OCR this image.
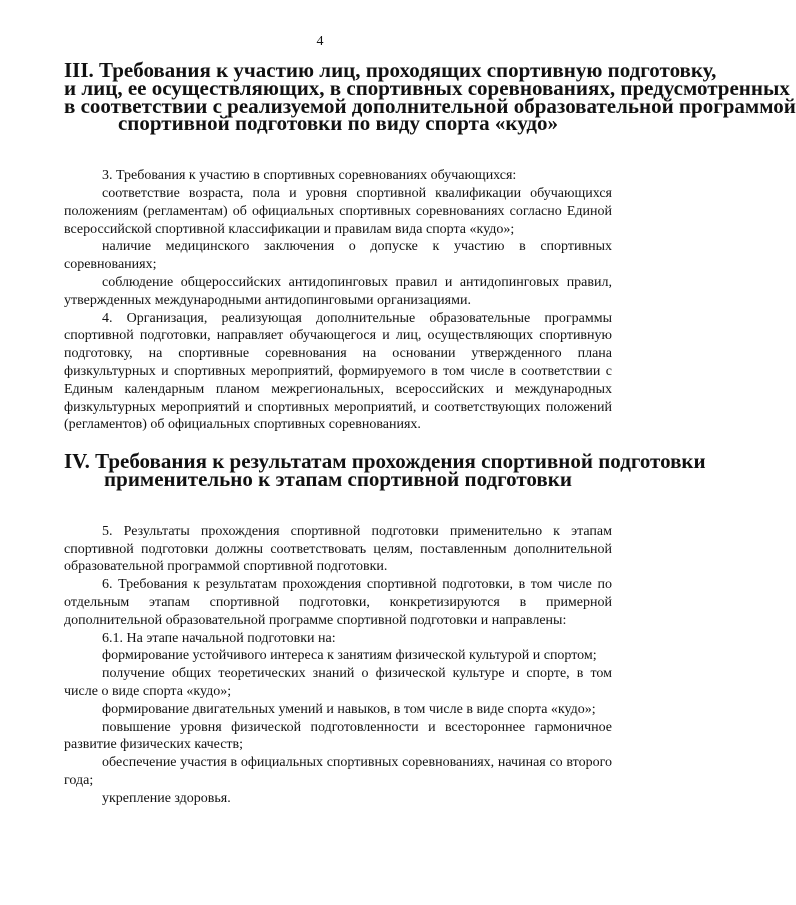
4
III. Требования к участию лиц, проходящих спортивную подготовку,
и лиц, ее осуществляющих, в спортивных соревнованиях, предусмотренных
в соответствии с реализуемой дополнительной образовательной программой
спортивной подготовки по виду спорта «кудо»

3. Требования к участию в спортивных соревнованиях обучающихся:

соответствие возраста, пола и уровня спортивной квалификации обучающихся положениям (регламентам) об официальных спортивных соревнованиях согласно Единой всероссийской спортивной классификации и правилам вида спорта «кудо»;

наличие медицинского заключения о допуске к участию в спортивных соревнованиях;

соблюдение общероссийских антидопинговых правил и антидопинговых правил, утвержденных международными антидопинговыми организациями.

4. Организация, реализующая дополнительные образовательные программы спортивной подготовки, направляет обучающегося и лиц, осуществляющих спортивную подготовку, на спортивные соревнования на основании утвержденного плана физкультурных и спортивных мероприятий, формируемого в том числе в соответствии с Единым календарным планом межрегиональных, всероссийских и международных физкультурных мероприятий и спортивных мероприятий, и соответствующих положений (регламентов) об официальных спортивных соревнованиях.

IV. Требования к результатам прохождения спортивной подготовки
применительно к этапам спортивной подготовки

5. Результаты прохождения спортивной подготовки применительно к этапам спортивной подготовки должны соответствовать целям, поставленным дополнительной образовательной программой спортивной подготовки.

6. Требования к результатам прохождения спортивной подготовки, в том числе по отдельным этапам спортивной подготовки, конкретизируются в примерной дополнительной образовательной программе спортивной подготовки и направлены:

6.1. На этапе начальной подготовки на:

формирование устойчивого интереса к занятиям физической культурой и спортом;

получение общих теоретических знаний о физической культуре и спорте, в том числе о виде спорта «кудо»;

формирование двигательных умений и навыков, в том числе в виде спорта «кудо»;

повышение уровня физической подготовленности и всестороннее гармоничное развитие физических качеств;

обеспечение участия в официальных спортивных соревнованиях, начиная со второго года;

укрепление здоровья.
